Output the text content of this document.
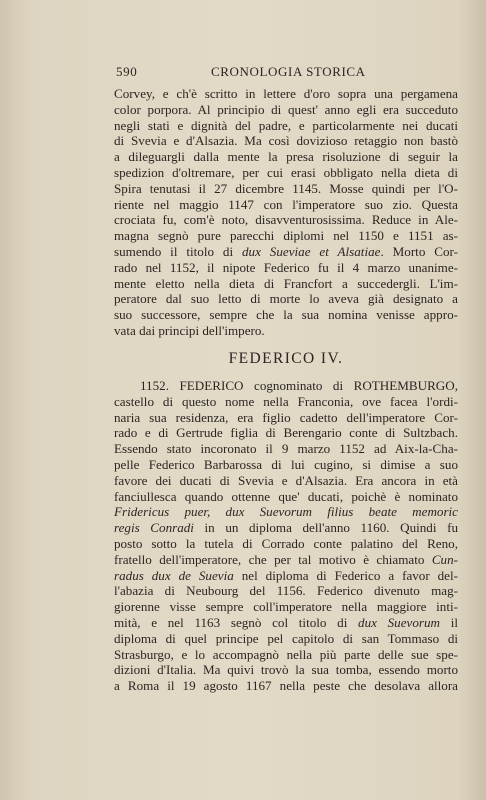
590	CRONOLOGIA STORICA
Corvey, e ch'è scritto in lettere d'oro sopra una pergamena
color porpora. Al principio di quest' anno egli era succeduto
negli stati e dignità del padre, e particolarmente nei ducati
di Svevia e d'Alsazia. Ma così dovizioso retaggio non bastò
a dileguargli dalla mente la presa risoluzione di seguir la
spedizion d'oltremare, per cui erasi obbligato nella dieta di
Spira tenutasi il 27 dicembre 1145. Mosse quindi per l'O-
riente nel maggio 1147 con l'imperatore suo zio. Questa
crociata fu, com'è noto, disavventurosissima. Reduce in Ale-
magna segnò pure parecchi diplomi nel 1150 e 1151 as-
sumendo il titolo di dux Sueviae et Alsatiae. Morto Cor-
rado nel 1152, il nipote Federico fu il 4 marzo unanime-
mente eletto nella dieta di Francfort a succedergli. L'im-
peratore dal suo letto di morte lo aveva già designato a
suo successore, sempre che la sua nomina venisse appro-
vata dai principi dell'impero.
FEDERICO IV.
1152. FEDERICO cognominato di ROTHEMBURGO,
castello di questo nome nella Franconia, ove facea l'ordi-
naria sua residenza, era figlio cadetto dell'imperatore Cor-
rado e di Gertrude figlia di Berengario conte di Sultzbach.
Essendo stato incoronato il 9 marzo 1152 ad Aix-la-Cha-
pelle Federico Barbarossa di lui cugino, si dimise a suo
favore dei ducati di Svevia e d'Alsazia. Era ancora in età
fanciullesca quando ottenne que' ducati, poichè è nominato
Fridericus puer, dux Suevorum filius beate memoric
regis Conradi in un diploma dell'anno 1160. Quindi fu
posto sotto la tutela di Corrado conte palatino del Reno,
fratello dell'imperatore, che per tal motivo è chiamato Cun-
radus dux de Suevia nel diploma di Federico a favor del-
l'abazia di Neubourg del 1156. Federico divenuto mag-
giorenne visse sempre coll'imperatore nella maggiore inti-
mità, e nel 1163 segnò col titolo di dux Suevorum il
diploma di quel principe pel capitolo di san Tommaso di
Strasburgo, e lo accompagnò nella più parte delle sue spe-
dizioni d'Italia. Ma quivi trovò la sua tomba, essendo morto
a Roma il 19 agosto 1167 nella peste che desolava allora
